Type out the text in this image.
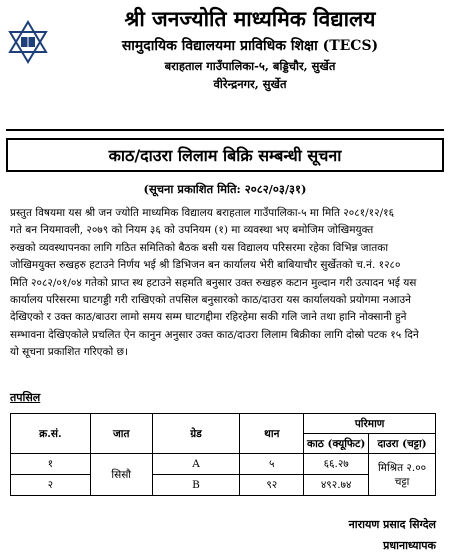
श्री जनज्योति माध्यमिक विद्यालय
सामुदायिक विद्यालयमा प्राविधिक शिक्षा (TECS)
बराहताल गाउँपालिका-५, बड्डिचौर, सुर्खेत
वीरेन्द्रनगर, सुर्खेत
काठ/दाउरा लिलाम बिक्रि सम्बन्धी सूचना
(सूचना प्रकाशित मिति: २०८२/०३/३१)
प्रस्तुत विषयमा यस श्री जन ज्योति माध्यमिक विद्यालय बराहताल गाउँपालिका-५ मा मिति २०८१/१२/१६
गते बन नियमावली, २०७९ को नियम ३६ को उपनियम (१) मा व्यवस्था भए बमोजिम जोखिमयुक्त
रुखको व्यवस्थापनका लागि गठित समितिको बैठक बसी यस विद्यालय परिसरमा रहेका विभिन्न जातका
जोखिमयुक्त रुखहरु हटाउने निर्णय भई श्री डिभिजन बन कार्यालय भेरी बाबियाचौर सुर्खेतको च.नं. १२८०
मिति २०८२/०१/०४ गतेको प्राप्त स्थ हटाउने सहमति बनुसार उक्त रुखहरु कटान मुल्दान गरी उत्पादन भई यस
कार्यालय परिसरमा घाटगड्डी गरी राखिएको तपसिल बनुसारको काठ/दाउरा यस कार्यालयको प्रयोगमा नआउने
देखिएको र उक्त काठ/बाउरा लामो समय सम्म घाटगद्दीमा रहिरहेमा सकी गलि जाने तथा हानि नोक्सानी हुने
सम्भावना देखिएकोले प्रचलित ऐन कानुन अनुसार उक्त काठ/दाउरा लिलाम बिक्रीका लागि दोस्रो पटक १५ दिने
यो सूचना प्रकाशित गरिएको छ।
तपसिल
क्र.सं.	जात	ग्रेड	थान	परिमाण	
				काठ (क्यूफिट)	दाउरा (चट्टा)
१	सिसौ	A	५	६६.२७	मिश्रित २.००
चट्टा

२		B	९२	४९२.७४	
नारायण प्रसाद सिग्देल
प्रधानाध्यापक
